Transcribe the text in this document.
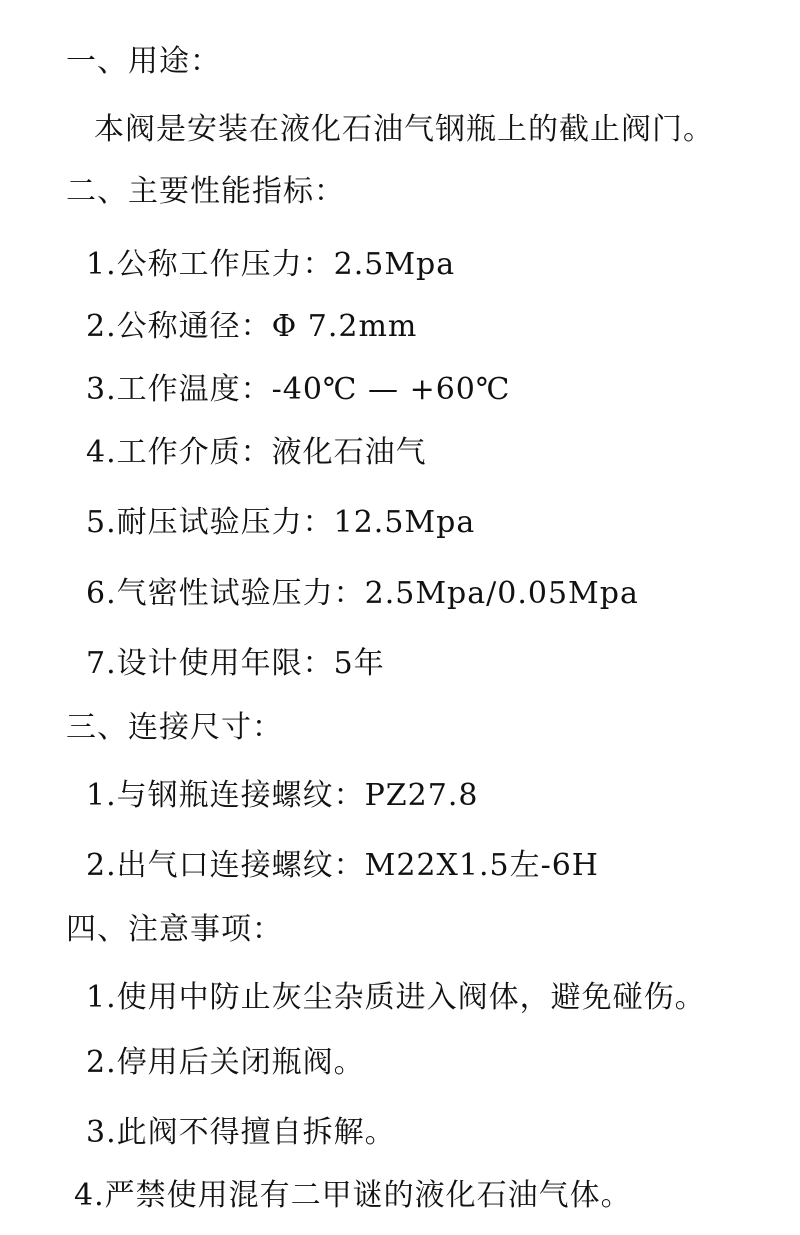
一、用途：
本阀是安装在液化石油气钢瓶上的截止阀门。
二、主要性能指标：
1.公称工作压力：2.5Mpa
2.公称通径：Φ 7.2mm
3.工作温度：-40℃ — +60℃
4.工作介质：液化石油气
5.耐压试验压力：12.5Mpa
6.气密性试验压力：2.5Mpa/0.05Mpa
7.设计使用年限：5年
三、连接尺寸：
1.与钢瓶连接螺纹：PZ27.8
2.出气口连接螺纹：M22X1.5左-6H
四、注意事项：
1.使用中防止灰尘杂质进入阀体，避免碰伤。
2.停用后关闭瓶阀。
3.此阀不得擅自拆解。
4.严禁使用混有二甲谜的液化石油气体。
